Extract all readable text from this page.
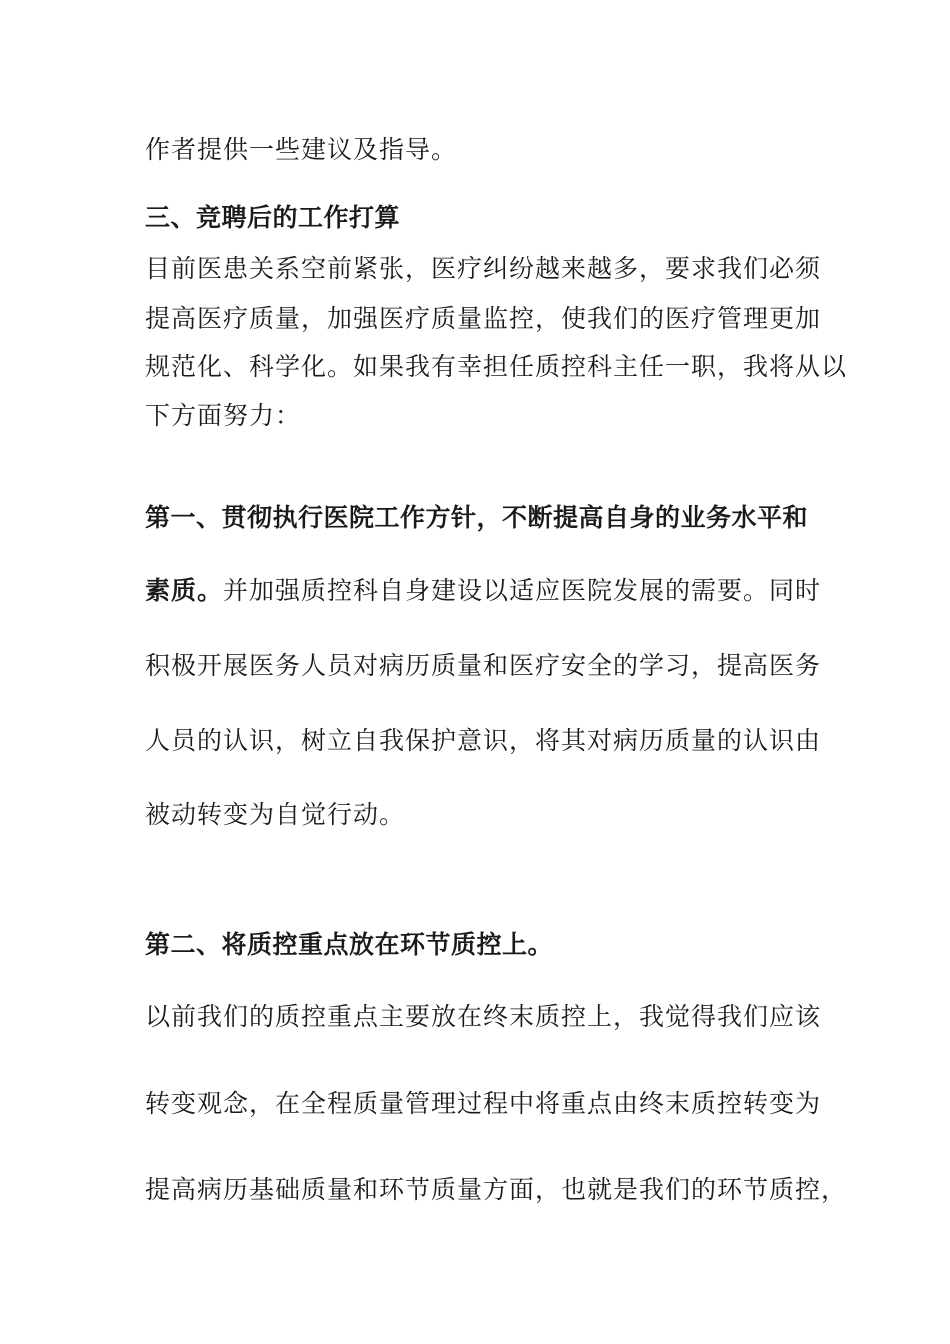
作者提供一些建议及指导。
三、竞聘后的工作打算
目前医患关系空前紧张，医疗纠纷越来越多，要求我们必须
提高医疗质量，加强医疗质量监控，使我们的医疗管理更加
规范化、科学化。如果我有幸担任质控科主任一职，我将从以
下方面努力：
第一、贯彻执行医院工作方针，不断提高自身的业务水平和
素质。并加强质控科自身建设以适应医院发展的需要。同时
积极开展医务人员对病历质量和医疗安全的学习，提高医务
人员的认识，树立自我保护意识，将其对病历质量的认识由
被动转变为自觉行动。
第二、将质控重点放在环节质控上。
以前我们的质控重点主要放在终末质控上，我觉得我们应该
转变观念，在全程质量管理过程中将重点由终末质控转变为
提高病历基础质量和环节质量方面，也就是我们的环节质控，
